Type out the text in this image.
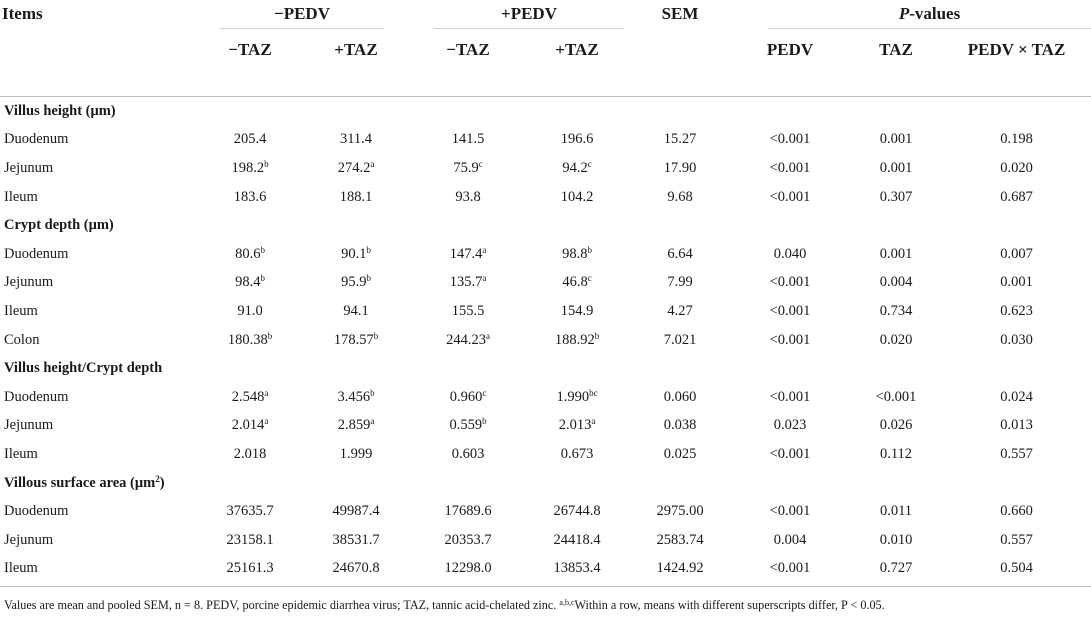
Items	−PEDV		+PEDV		SEM	P-values		

	−TAZ	+TAZ	−TAZ	+TAZ		PEDV	TAZ	PEDV × TAZ
Villus height (μm)								
Duodenum	205.4	311.4	141.5	196.6	15.27	<0.001	0.001	0.198
Jejunum	198.2$^b$	274.2$^a$	75.9$^c$	94.2$^c$	17.90	<0.001	0.001	0.020
Ileum	183.6	188.1	93.8	104.2	9.68	<0.001	0.307	0.687
Crypt depth (μm)								
Duodenum	80.6$^b$	90.1$^b$	147.4$^a$	98.8$^b$	6.64	0.040	0.001	0.007
Jejunum	98.4$^b$	95.9$^b$	135.7$^a$	46.8$^c$	7.99	<0.001	0.004	0.001
Ileum	91.0	94.1	155.5	154.9	4.27	<0.001	0.734	0.623
Colon	180.38$^b$	178.57$^b$	244.23$^a$	188.92$^b$	7.021	<0.001	0.020	0.030
Villus height/Crypt depth								
Duodenum	2.548$^a$	3.456$^b$	0.960$^c$	1.990$^{bc}$	0.060	<0.001	<0.001	0.024
Jejunum	2.014$^a$	2.859$^a$	0.559$^b$	2.013$^a$	0.038	0.023	0.026	0.013
Ileum	2.018	1.999	0.603	0.673	0.025	<0.001	0.112	0.557
Villous surface area $(\mu m^2)$								
Duodenum	37635.7	49987.4	17689.6	26744.8	2975.00	<0.001	0.011	0.660
Jejunum	23158.1	38531.7	20353.7	24418.4	2583.74	0.004	0.010	0.557
Ileum	25161.3	24670.8	12298.0	13853.4	1424.92	<0.001	0.727	0.504
Values are mean and pooled SEM, n = 8. PEDV, porcine epidemic diarrhea virus; TAZ, tannic acid-chelated zinc. $^{a,b,c}$Within a row, means with different superscripts differ, P < 0.05.
